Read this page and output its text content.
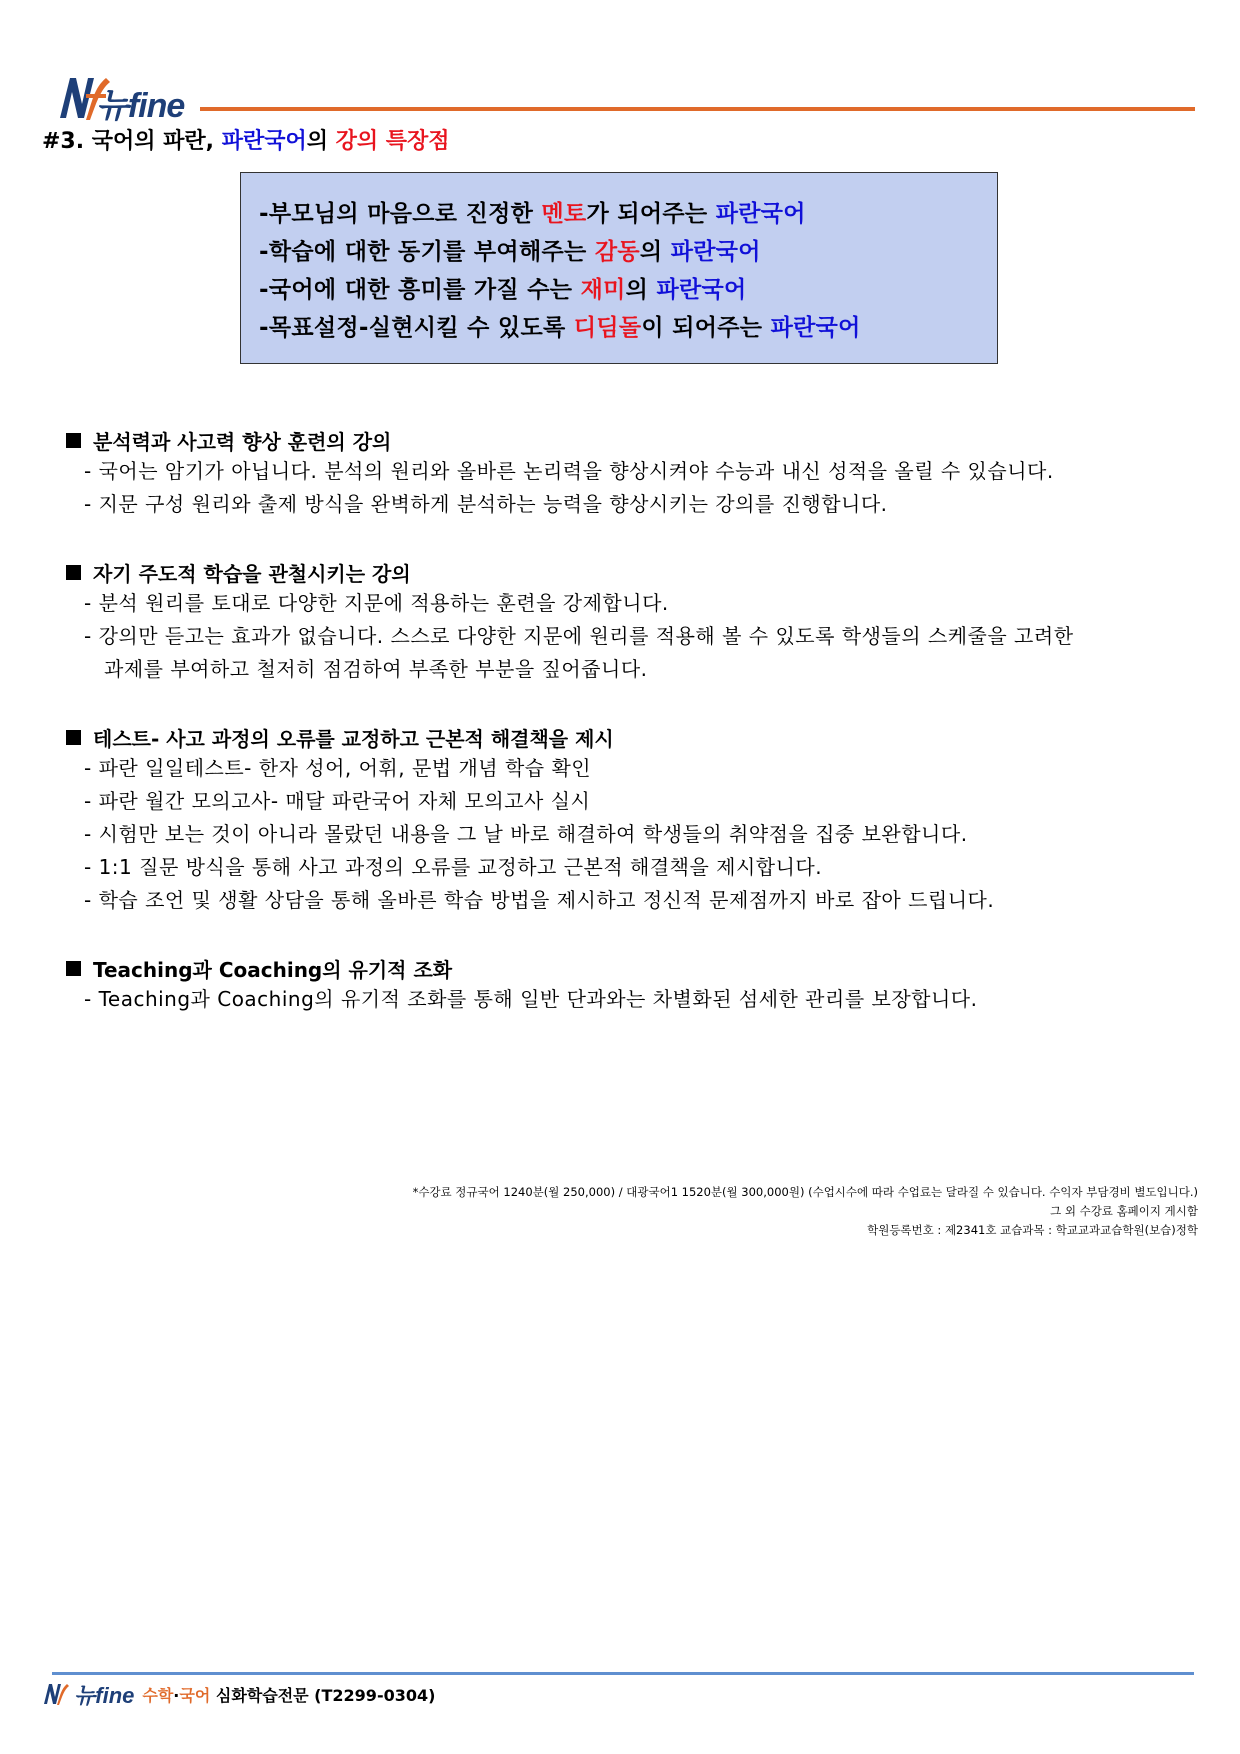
뉴fine
#3. 국어의 파란, 파란국어의 강의 특장점
-부모님의 마음으로 진정한 멘토가 되어주는 파란국어
-학습에 대한 동기를 부여해주는 감동의 파란국어
-국어에 대한 흥미를 가질 수는 재미의 파란국어
-목표설정-실현시킬 수 있도록 디딤돌이 되어주는 파란국어
분석력과 사고력 향상 훈련의 강의
- 국어는 암기가 아닙니다. 분석의 원리와 올바른 논리력을 향상시켜야 수능과 내신 성적을 올릴 수 있습니다.
- 지문 구성 원리와 출제 방식을 완벽하게 분석하는 능력을 향상시키는 강의를 진행합니다.
자기 주도적 학습을 관철시키는 강의
- 분석 원리를 토대로 다양한 지문에 적용하는 훈련을 강제합니다.
- 강의만 듣고는 효과가 없습니다. 스스로 다양한 지문에 원리를 적용해 볼 수 있도록 학생들의 스케줄을 고려한
과제를 부여하고 철저히 점검하여 부족한 부분을 짚어줍니다.
테스트- 사고 과정의 오류를 교정하고 근본적 해결책을 제시
- 파란 일일테스트- 한자 성어, 어휘, 문법 개념 학습 확인
- 파란 월간 모의고사- 매달 파란국어 자체 모의고사 실시
- 시험만 보는 것이 아니라 몰랐던 내용을 그 날 바로 해결하여 학생들의 취약점을 집중 보완합니다.
- 1:1 질문 방식을 통해 사고 과정의 오류를 교정하고 근본적 해결책을 제시합니다.
- 학습 조언 및 생활 상담을 통해 올바른 학습 방법을 제시하고 정신적 문제점까지 바로 잡아 드립니다.
Teaching과 Coaching의 유기적 조화
- Teaching과 Coaching의 유기적 조화를 통해 일반 단과와는 차별화된 섬세한 관리를 보장합니다.
*수강료 정규국어 1240분(월 250,000) / 대광국어1 1520분(월 300,000원) (수업시수에 따라 수업료는 달라질 수 있습니다. 수익자 부담경비 별도입니다.)
그 외 수강료 홈페이지 게시함
학원등록번호 : 제2341호 교습과목 : 학교교과교습학원(보습)정학
뉴fine 수학·국어 심화학습전문 (T2299-0304)
